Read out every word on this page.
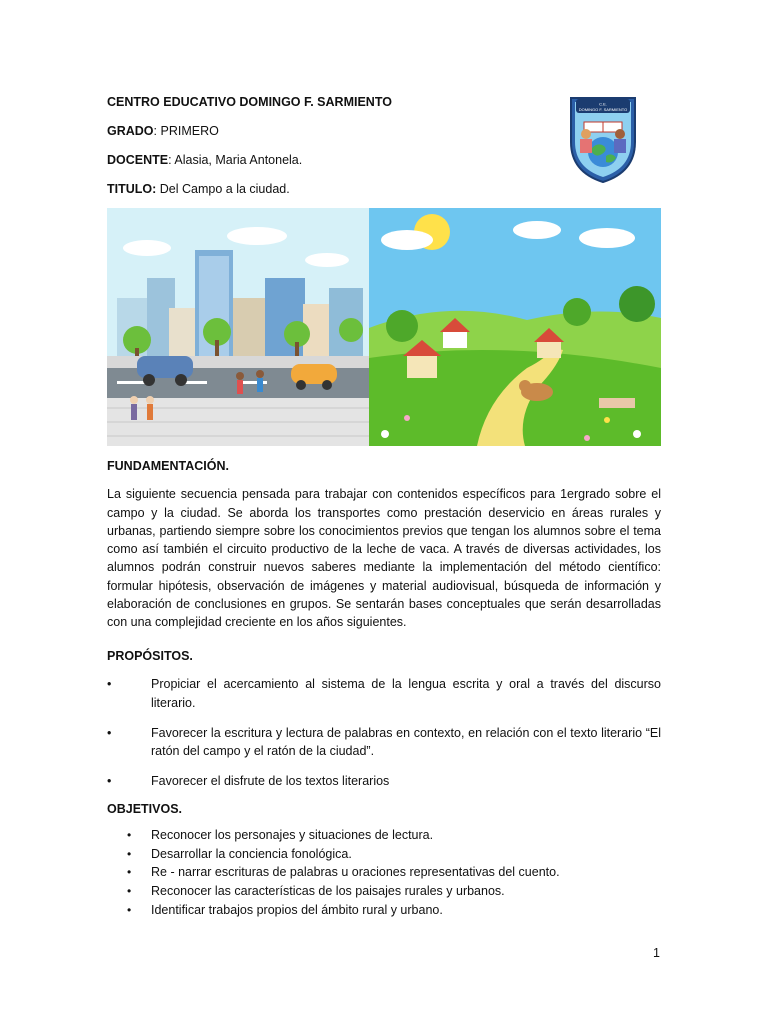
CENTRO EDUCATIVO DOMINGO F. SARMIENTO
GRADO: PRIMERO
DOCENTE: Alasia, Maria Antonela.
TITULO: Del Campo a la ciudad.
C.E.
DOMINGO F. SARMIENTO
FUNDAMENTACIÓN.
La siguiente secuencia pensada para trabajar con contenidos específicos para 1ergrado sobre el campo y la ciudad. Se aborda los transportes como prestación deservicio en áreas rurales y urbanas, partiendo siempre sobre los conocimientos previos que tengan los alumnos sobre el tema como así también el circuito productivo de la leche de vaca. A través de diversas actividades, los alumnos podrán construir nuevos saberes mediante la implementación del método científico: formular hipótesis, observación de imágenes y material audiovisual, búsqueda de información y elaboración de conclusiones en grupos. Se sentarán bases conceptuales que serán desarrolladas con una complejidad creciente en los años siguientes.
PROPÓSITOS.
•	Propiciar el acercamiento al sistema de la lengua escrita y oral a través del discurso literario.
•	Favorecer la escritura y lectura de palabras en contexto, en relación con el texto literario “El ratón del campo y el ratón de la ciudad”.
•	Favorecer el disfrute de los textos literarios
OBJETIVOS.
• Reconocer los personajes y situaciones de lectura.
• Desarrollar la conciencia fonológica.
• Re - narrar escrituras de palabras u oraciones representativas del cuento.
• Reconocer las características de los paisajes rurales y urbanos.
• Identificar trabajos propios del ámbito rural y urbano.
1
